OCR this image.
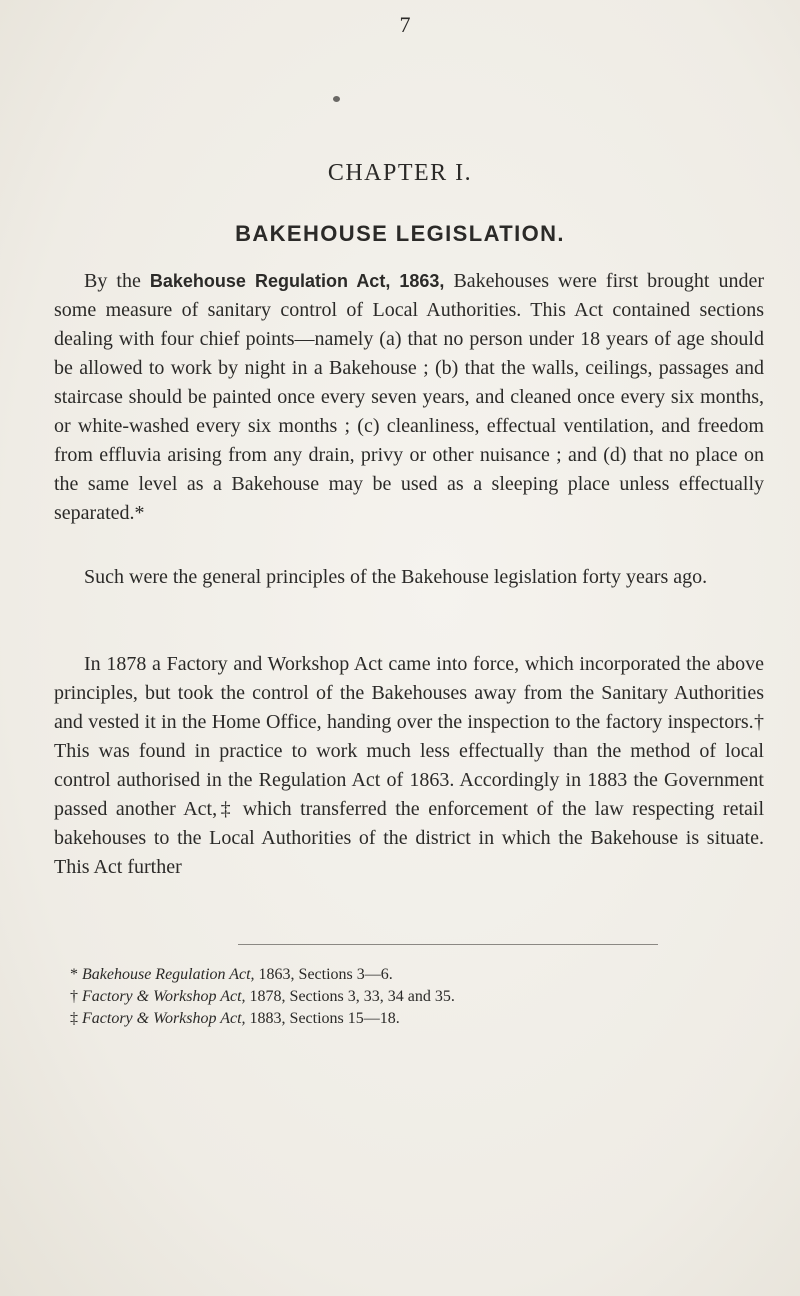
7
CHAPTER I.
BAKEHOUSE LEGISLATION.

By the Bakehouse Regulation Act, 1863, Bakehouses were first brought under some measure of sanitary control of Local Authorities. This Act contained sections dealing with four chief points—namely (a) that no person under 18 years of age should be allowed to work by night in a Bakehouse ; (b) that the walls, ceilings, passages and staircase should be painted once every seven years, and cleaned once every six months, or white-washed every six months ; (c) cleanliness, effectual ventilation, and freedom from effluvia arising from any drain, privy or other nuisance ; and (d) that no place on the same level as a Bakehouse may be used as a sleeping place unless effectually separated.*

Such were the general principles of the Bakehouse legislation forty years ago.

In 1878 a Factory and Workshop Act came into force, which incorporated the above principles, but took the control of the Bakehouses away from the Sanitary Authorities and vested it in the Home Office, handing over the inspection to the factory inspectors.† This was found in practice to work much less effectually than the method of local control authorised in the Regulation Act of 1863. Accordingly in 1883 the Government passed another Act,‡ which transferred the enforcement of the law respecting retail bakehouses to the Local Authorities of the district in which the Bakehouse is situate. This Act further

* Bakehouse Regulation Act, 1863, Sections 3—6.
† Factory & Workshop Act, 1878, Sections 3, 33, 34 and 35.
‡ Factory & Workshop Act, 1883, Sections 15—18.
